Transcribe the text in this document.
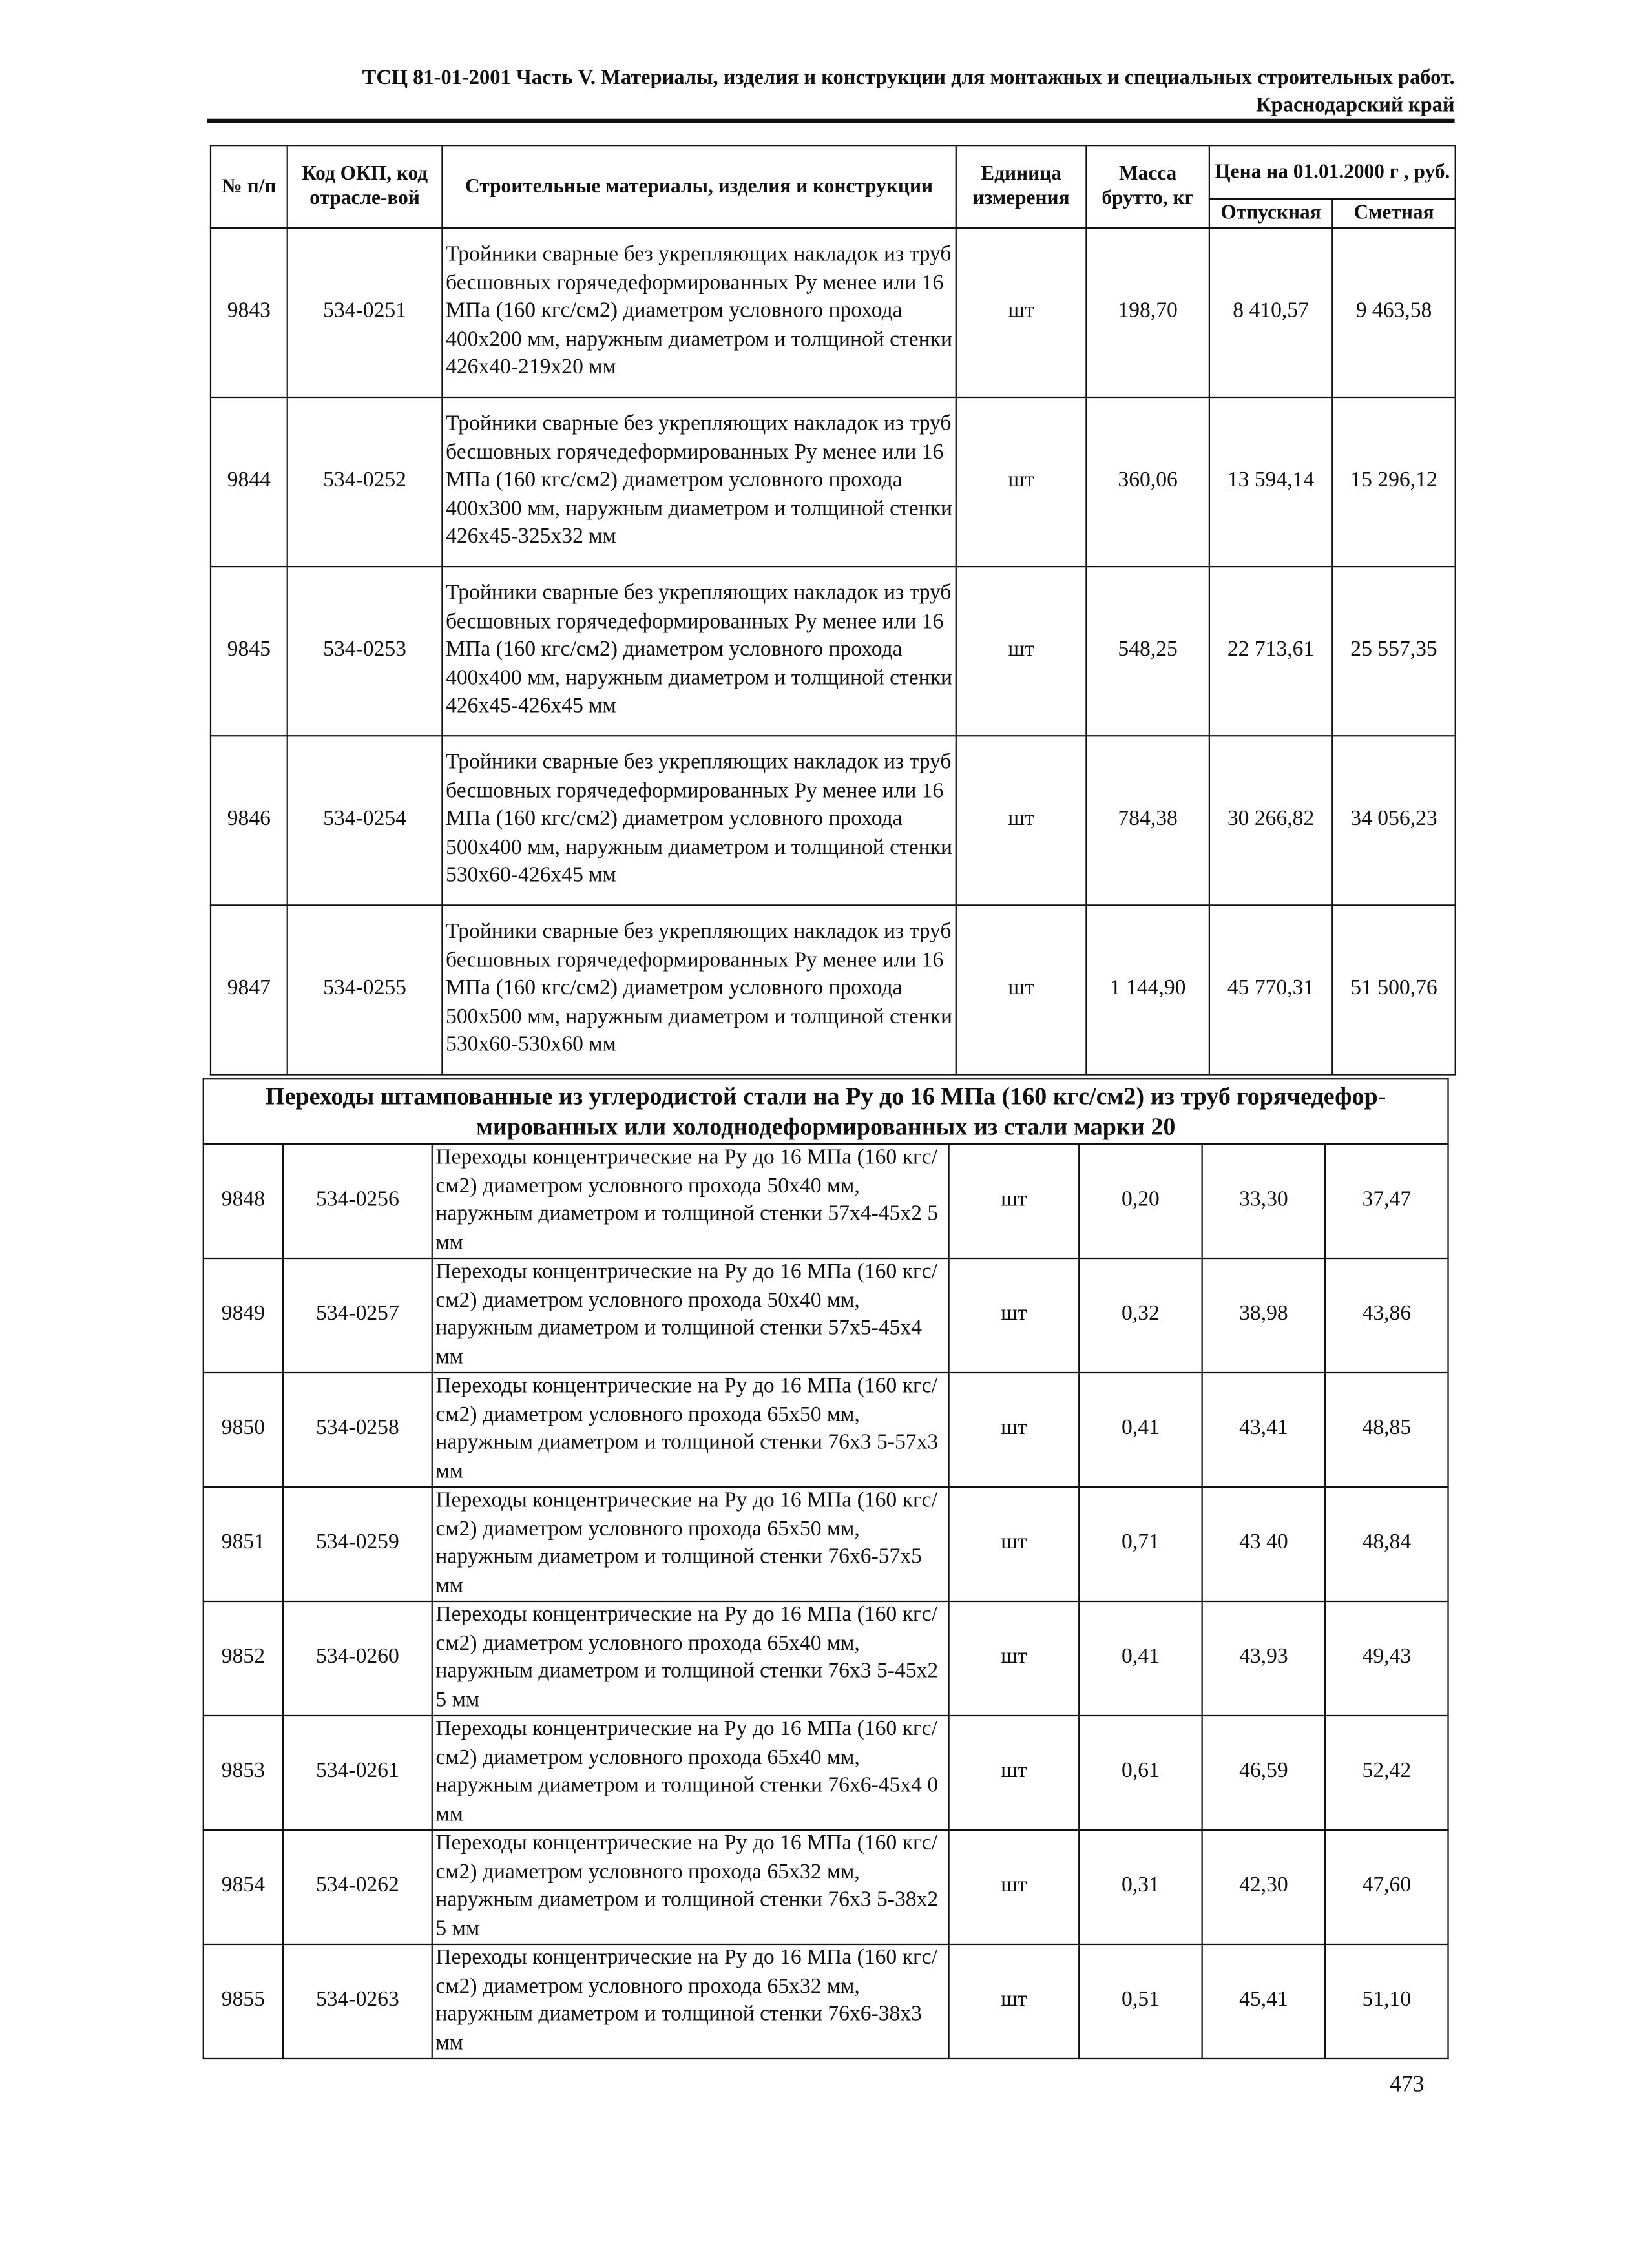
ТСЦ 81-01-2001 Часть V. Материалы, изделия и конструкции для монтажных и специальных строительных работ.
Краснодарский край
№ п/п	Код ОКП, код отрасле-вой	Строительные материалы, изделия и конструкции	Единица измерения	Масса брутто, кг	Цена на 01.01.2000 г , руб.	
					Отпускная	Сметная
9843	534-0251	Тройники сварные без укрепляющих накладок из труб бесшовных горячедеформированных Ру менее или 16 МПа (160 кгс/см2) диаметром условного прохода 400х200 мм, наружным диаметром и толщиной стенки 426х40-219х20 мм	шт	198,70	8 410,57	9 463,58
9844	534-0252	Тройники сварные без укрепляющих накладок из труб бесшовных горячедеформированных Ру менее или 16 МПа (160 кгс/см2) диаметром условного прохода 400х300 мм, наружным диаметром и толщиной стенки 426х45-325х32 мм	шт	360,06	13 594,14	15 296,12
9845	534-0253	Тройники сварные без укрепляющих накладок из труб бесшовных горячедеформированных Ру менее или 16 МПа (160 кгс/см2) диаметром условного прохода 400х400 мм, наружным диаметром и толщиной стенки 426х45-426х45 мм	шт	548,25	22 713,61	25 557,35
9846	534-0254	Тройники сварные без укрепляющих накладок из труб бесшовных горячедеформированных Ру менее или 16 МПа (160 кгс/см2) диаметром условного прохода 500х400 мм, наружным диаметром и толщиной стенки 530х60-426х45 мм	шт	784,38	30 266,82	34 056,23
9847	534-0255	Тройники сварные без укрепляющих накладок из труб бесшовных горячедеформированных Ру менее или 16 МПа (160 кгс/см2) диаметром условного прохода 500х500 мм, наружным диаметром и толщиной стенки 530х60-530х60 мм	шт	1 144,90	45 770,31	51 500,76
Переходы штампованные из углеродистой стали на Ру до 16 МПа (160 кгс/см2) из труб горячедефор-мированных или холоднодеформированных из стали марки 20						
9848	534-0256	Переходы концентрические на Ру до 16 МПа (160 кгс/см2) диаметром условного прохода 50х40 мм, наружным диаметром и толщиной стенки 57х4-45х2 5 мм	шт	0,20	33,30	37,47
9849	534-0257	Переходы концентрические на Ру до 16 МПа (160 кгс/см2) диаметром условного прохода 50х40 мм, наружным диаметром и толщиной стенки 57х5-45х4 мм	шт	0,32	38,98	43,86
9850	534-0258	Переходы концентрические на Ру до 16 МПа (160 кгс/см2) диаметром условного прохода 65х50 мм, наружным диаметром и толщиной стенки 76х3 5-57х3 мм	шт	0,41	43,41	48,85
9851	534-0259	Переходы концентрические на Ру до 16 МПа (160 кгс/см2) диаметром условного прохода 65х50 мм, наружным диаметром и толщиной стенки 76х6-57х5 мм	шт	0,71	43 40	48,84
9852	534-0260	Переходы концентрические на Ру до 16 МПа (160 кгс/см2) диаметром условного прохода 65х40 мм, наружным диаметром и толщиной стенки 76х3 5-45х2 5 мм	шт	0,41	43,93	49,43
9853	534-0261	Переходы концентрические на Ру до 16 МПа (160 кгс/см2) диаметром условного прохода 65х40 мм, наружным диаметром и толщиной стенки 76х6-45х4 0 мм	шт	0,61	46,59	52,42
9854	534-0262	Переходы концентрические на Ру до 16 МПа (160 кгс/см2) диаметром условного прохода 65х32 мм, наружным диаметром и толщиной стенки 76х3 5-38х2 5 мм	шт	0,31	42,30	47,60
9855	534-0263	Переходы концентрические на Ру до 16 МПа (160 кгс/см2) диаметром условного прохода 65х32 мм, наружным диаметром и толщиной стенки 76х6-38х3 мм	шт	0,51	45,41	51,10
473
